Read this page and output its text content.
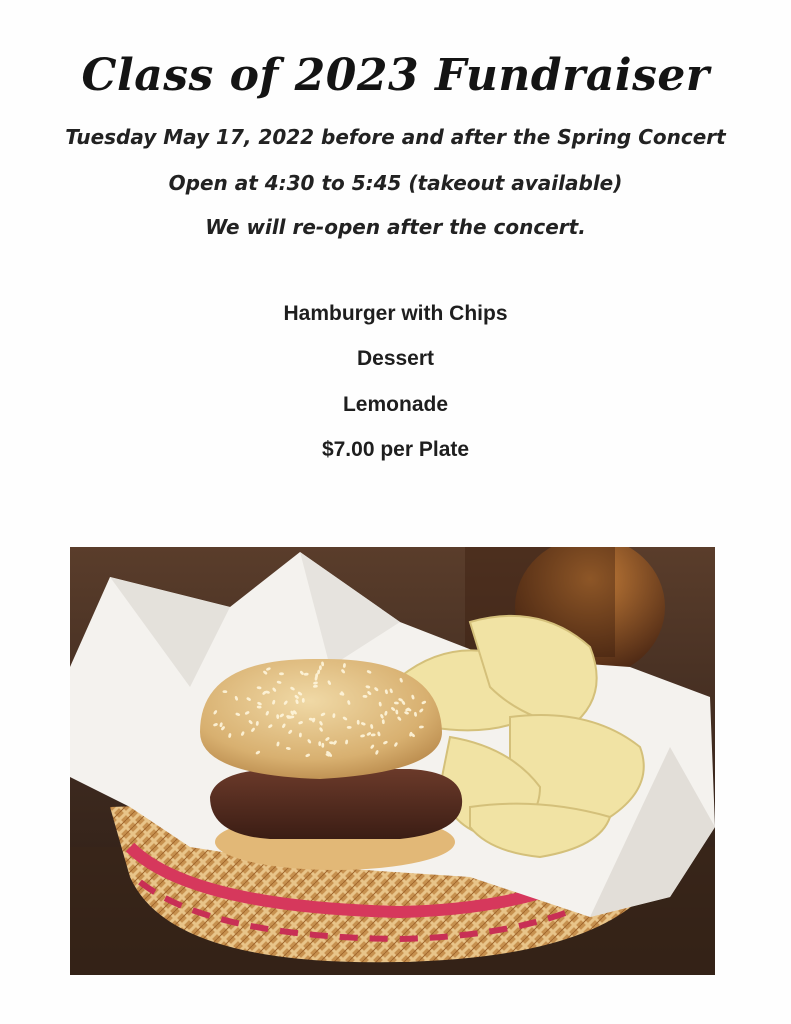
Class of 2023 Fundraiser
Tuesday May 17, 2022 before and after the Spring Concert
Open at 4:30 to 5:45 (takeout available)
We will re-open after the concert.
Hamburger with Chips
Dessert
Lemonade
$7.00 per Plate
